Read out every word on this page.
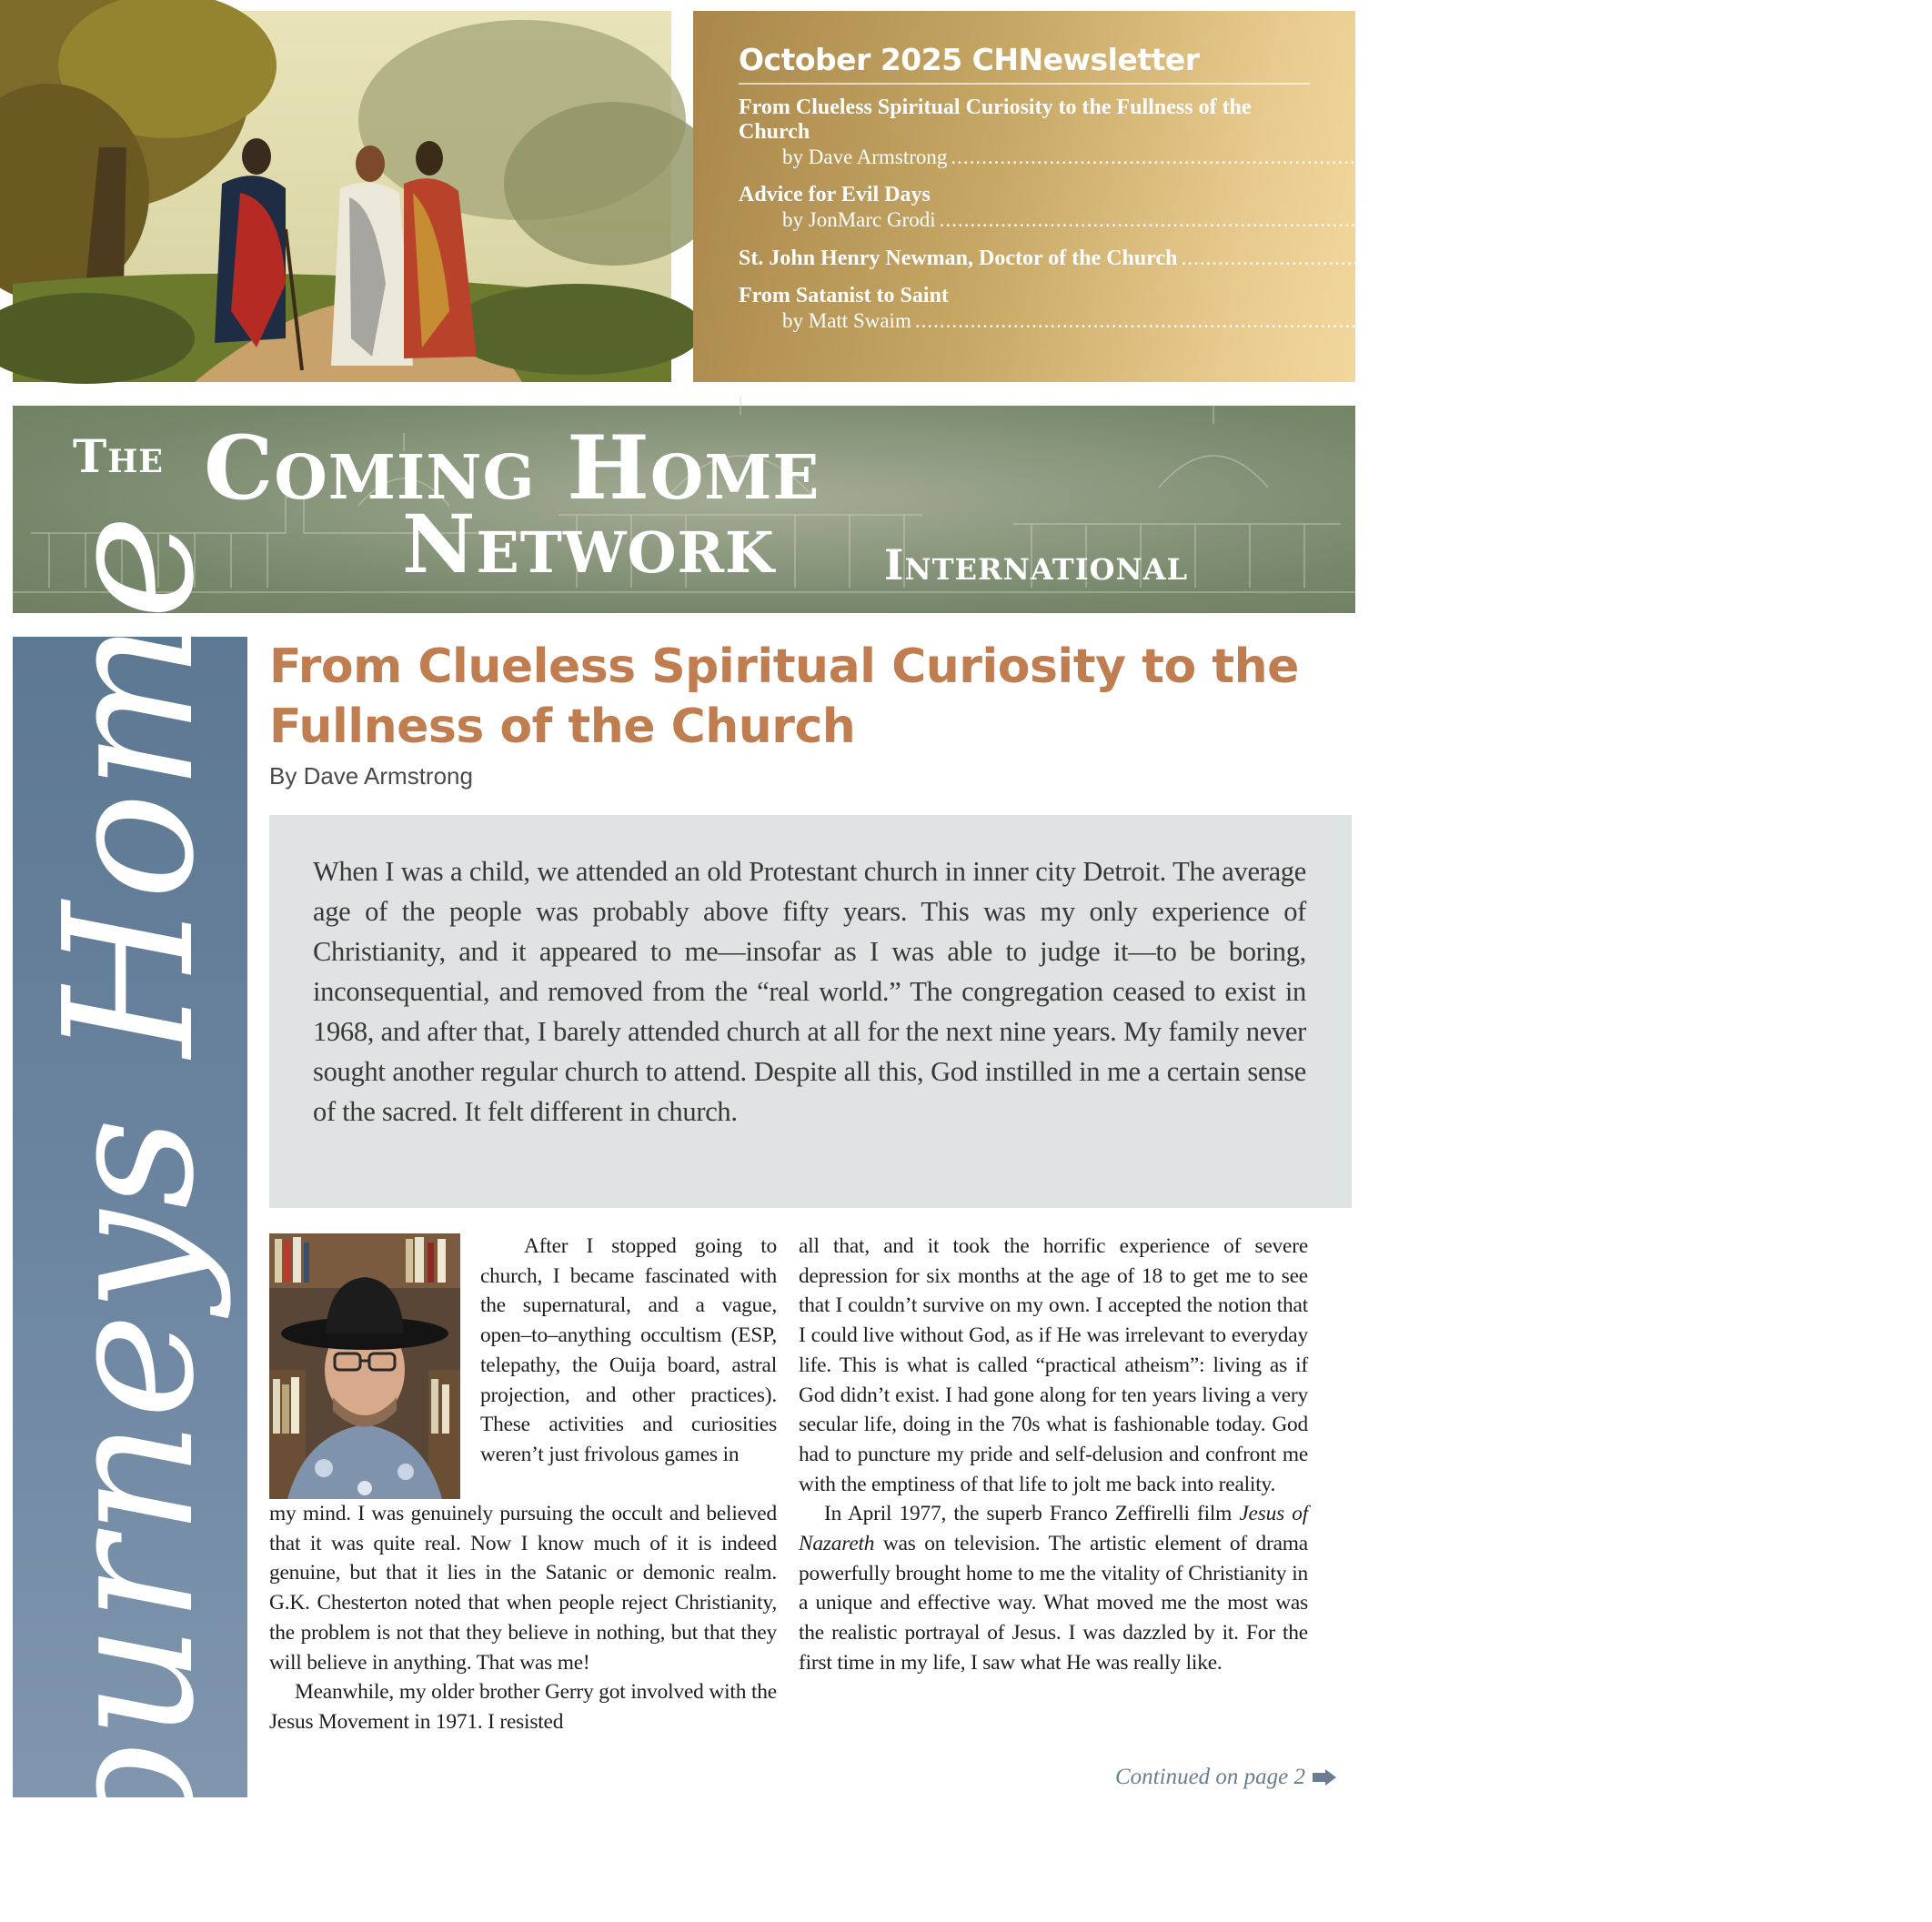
October 2025 CHNewsletter
From Clueless Spiritual Curiosity to the Fullness of the Church
by Dave Armstrong ........................................................................................................................ 1
Advice for Evil Days
by JonMarc Grodi ........................................................................................................................ 4
St. John Henry Newman, Doctor of the Church ........................................................................................................................ 6
From Satanist to Saint
by Matt Swaim ........................................................................................................................ 9
The Coming Home
Network	International
Journeys Home From Clueless Spiritual Curiosity to the Fullness of the Church
By Dave Armstrong

When I was a child, we attended an old Protestant church in inner city Detroit. The average age of the people was probably above fifty years. This was my only experience of Christianity, and it appeared to me—insofar as I was able to judge it—to be boring, inconsequential, and removed from the “real world.” The congregation ceased to exist in 1968, and after that, I barely attended church at all for the next nine years. My family never sought another regular church to attend. Despite all this, God instilled in me a certain sense of the sacred. It felt different in church.

After I stopped going to church, I became fascinated with the supernatural, and a vague, open–to–anything occultism (ESP, telepathy, the Ouija board, astral projection, and other practices). These activities and curiosities weren’t just frivolous games in

my mind. I was genuinely pursuing the occult and believed that it was quite real. Now I know much of it is indeed genuine, but that it lies in the Satanic or demonic realm. G.K. Chesterton noted that when people reject Christianity, the problem is not that they believe in nothing, but that they will believe in anything. That was me!

Meanwhile, my older brother Gerry got involved with the Jesus Movement in 1971. I resisted

all that, and it took the horrific experience of severe depression for six months at the age of 18 to get me to see that I couldn’t survive on my own. I accepted the notion that I could live without God, as if He was irrelevant to everyday life. This is what is called “practical atheism”: living as if God didn’t exist. I had gone along for ten years living a very secular life, doing in the 70s what is fashionable today. God had to puncture my pride and self-delusion and confront me with the emptiness of that life to jolt me back into reality.

In April 1977, the superb Franco Zeffirelli film Jesus of Nazareth was on television. The artistic element of drama powerfully brought home to me the vitality of Christianity in a unique and effective way. What moved me the most was the realistic portrayal of Jesus. I was dazzled by it. For the first time in my life, I saw what He was really like.

Continued on page 2
